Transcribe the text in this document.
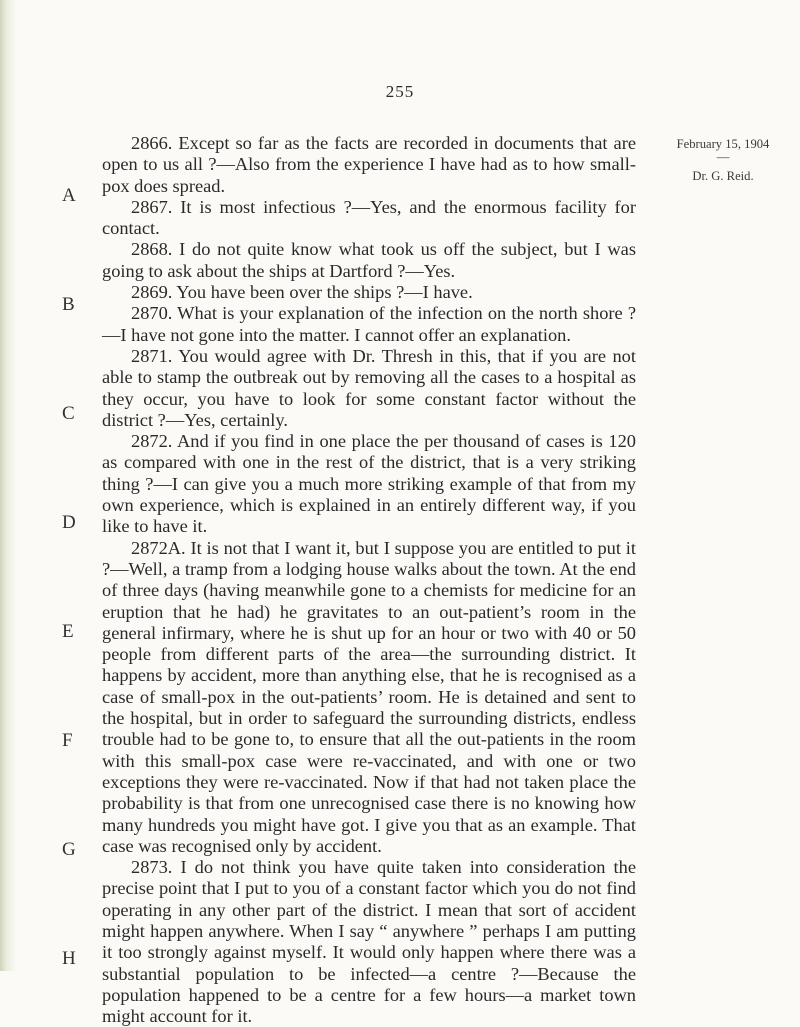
255
February 15, 1904
—
Dr. G. Reid.
A
B
C
D
E
F
G
H

2866. Except so far as the facts are recorded in documents that are open to us all ?—Also from the experience I have had as to how small-pox does spread.

2867. It is most infectious ?—Yes, and the enormous facility for contact.

2868. I do not quite know what took us off the subject, but I was going to ask about the ships at Dartford ?—Yes.

2869. You have been over the ships ?—I have.

2870. What is your explanation of the infection on the north shore ?—I have not gone into the matter. I cannot offer an explanation.

2871. You would agree with Dr. Thresh in this, that if you are not able to stamp the outbreak out by removing all the cases to a hospital as they occur, you have to look for some constant factor without the district ?—Yes, certainly.

2872. And if you find in one place the per thousand of cases is 120 as compared with one in the rest of the district, that is a very striking thing ?—I can give you a much more striking example of that from my own experience, which is explained in an entirely different way, if you like to have it.

2872A. It is not that I want it, but I suppose you are entitled to put it ?—Well, a tramp from a lodging house walks about the town. At the end of three days (having meanwhile gone to a chemists for medicine for an eruption that he had) he gravitates to an out-patient’s room in the general infirmary, where he is shut up for an hour or two with 40 or 50 people from different parts of the area—the surrounding district. It happens by accident, more than anything else, that he is recognised as a case of small-pox in the out-patients’ room. He is detained and sent to the hospital, but in order to safeguard the surrounding districts, endless trouble had to be gone to, to ensure that all the out-patients in the room with this small-pox case were re-vaccinated, and with one or two exceptions they were re-vaccinated. Now if that had not taken place the probability is that from one unrecognised case there is no knowing how many hundreds you might have got. I give you that as an example. That case was recognised only by accident.

2873. I do not think you have quite taken into consideration the precise point that I put to you of a constant factor which you do not find operating in any other part of the district. I mean that sort of accident might happen anywhere. When I say “ anywhere ” perhaps I am putting it too strongly against myself. It would only happen where there was a substantial population to be infected—a centre ?—Because the population happened to be a centre for a few hours—a market town might account for it.
